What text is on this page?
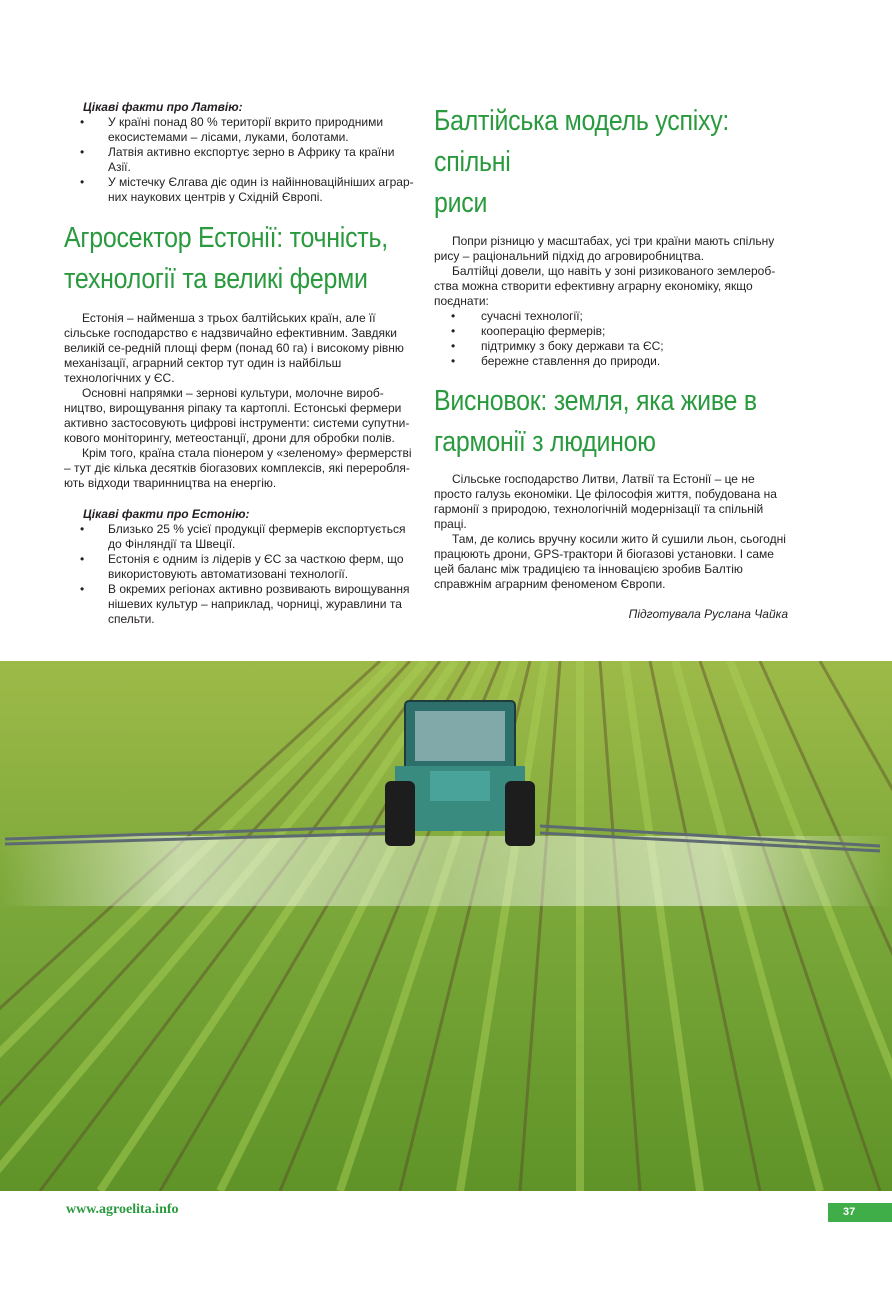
Цікаві факти про Латвію:
• У країні понад 80 % території вкрито природними екосистемами – лісами, луками, болотами.
• Латвія активно експортує зерно в Африку та країни Азії.
• У містечку Єлгава діє один із найінноваційніших аграр-них наукових центрів у Східній Європі.
Агросектор Естонії: точність,
технології та великі ферми

Естонія – найменша з трьох балтійських країн, але її сільське господарство є надзвичайно ефективним. Завдяки великій се-редній площі ферм (понад 60 га) і високому рівню механізації, аграрний сектор тут один із найбільш технологічних у ЄС.

Основні напрямки – зернові культури, молочне вироб-ництво, вирощування ріпаку та картоплі. Естонські фермери активно застосовують цифрові інструменти: системи супутни-кового моніторингу, метеостанції, дрони для обробки полів.

Крім того, країна стала піонером у «зеленому» фермерстві – тут діє кілька десятків біогазових комплексів, які переробля-ють відходи тваринництва на енергію.

Цікаві факти про Естонію:
• Близько 25 % усієї продукції фермерів експортується до Фінляндії та Швеції.
• Естонія є одним із лідерів у ЄС за часткою ферм, що використовують автоматизовані технології.
• В окремих регіонах активно розвивають вирощування нішевих культур – наприклад, чорниці, журавлини та спельти.
Балтійська модель успіху: спільні
риси

Попри різницю у масштабах, усі три країни мають спільну рису – раціональний підхід до агровиробництва.

Балтійці довели, що навіть у зоні ризикованого землероб-ства можна створити ефективну аграрну економіку, якщо поєднати:

• сучасні технології;
• кооперацію фермерів;
• підтримку з боку держави та ЄС;
• бережне ставлення до природи.
Висновок: земля, яка живе в
гармонії з людиною

Сільське господарство Литви, Латвії та Естонії – це не просто галузь економіки. Це філософія життя, побудована на гармонії з природою, технологічній модернізації та спільній праці.

Там, де колись вручну косили жито й сушили льон, сьогодні працюють дрони, GPS-трактори й біогазові установки. І саме цей баланс між традицією та інновацією зробив Балтію справжнім аграрним феноменом Європи.

Підготувала Руслана Чайка

www.agroelita.info	37
